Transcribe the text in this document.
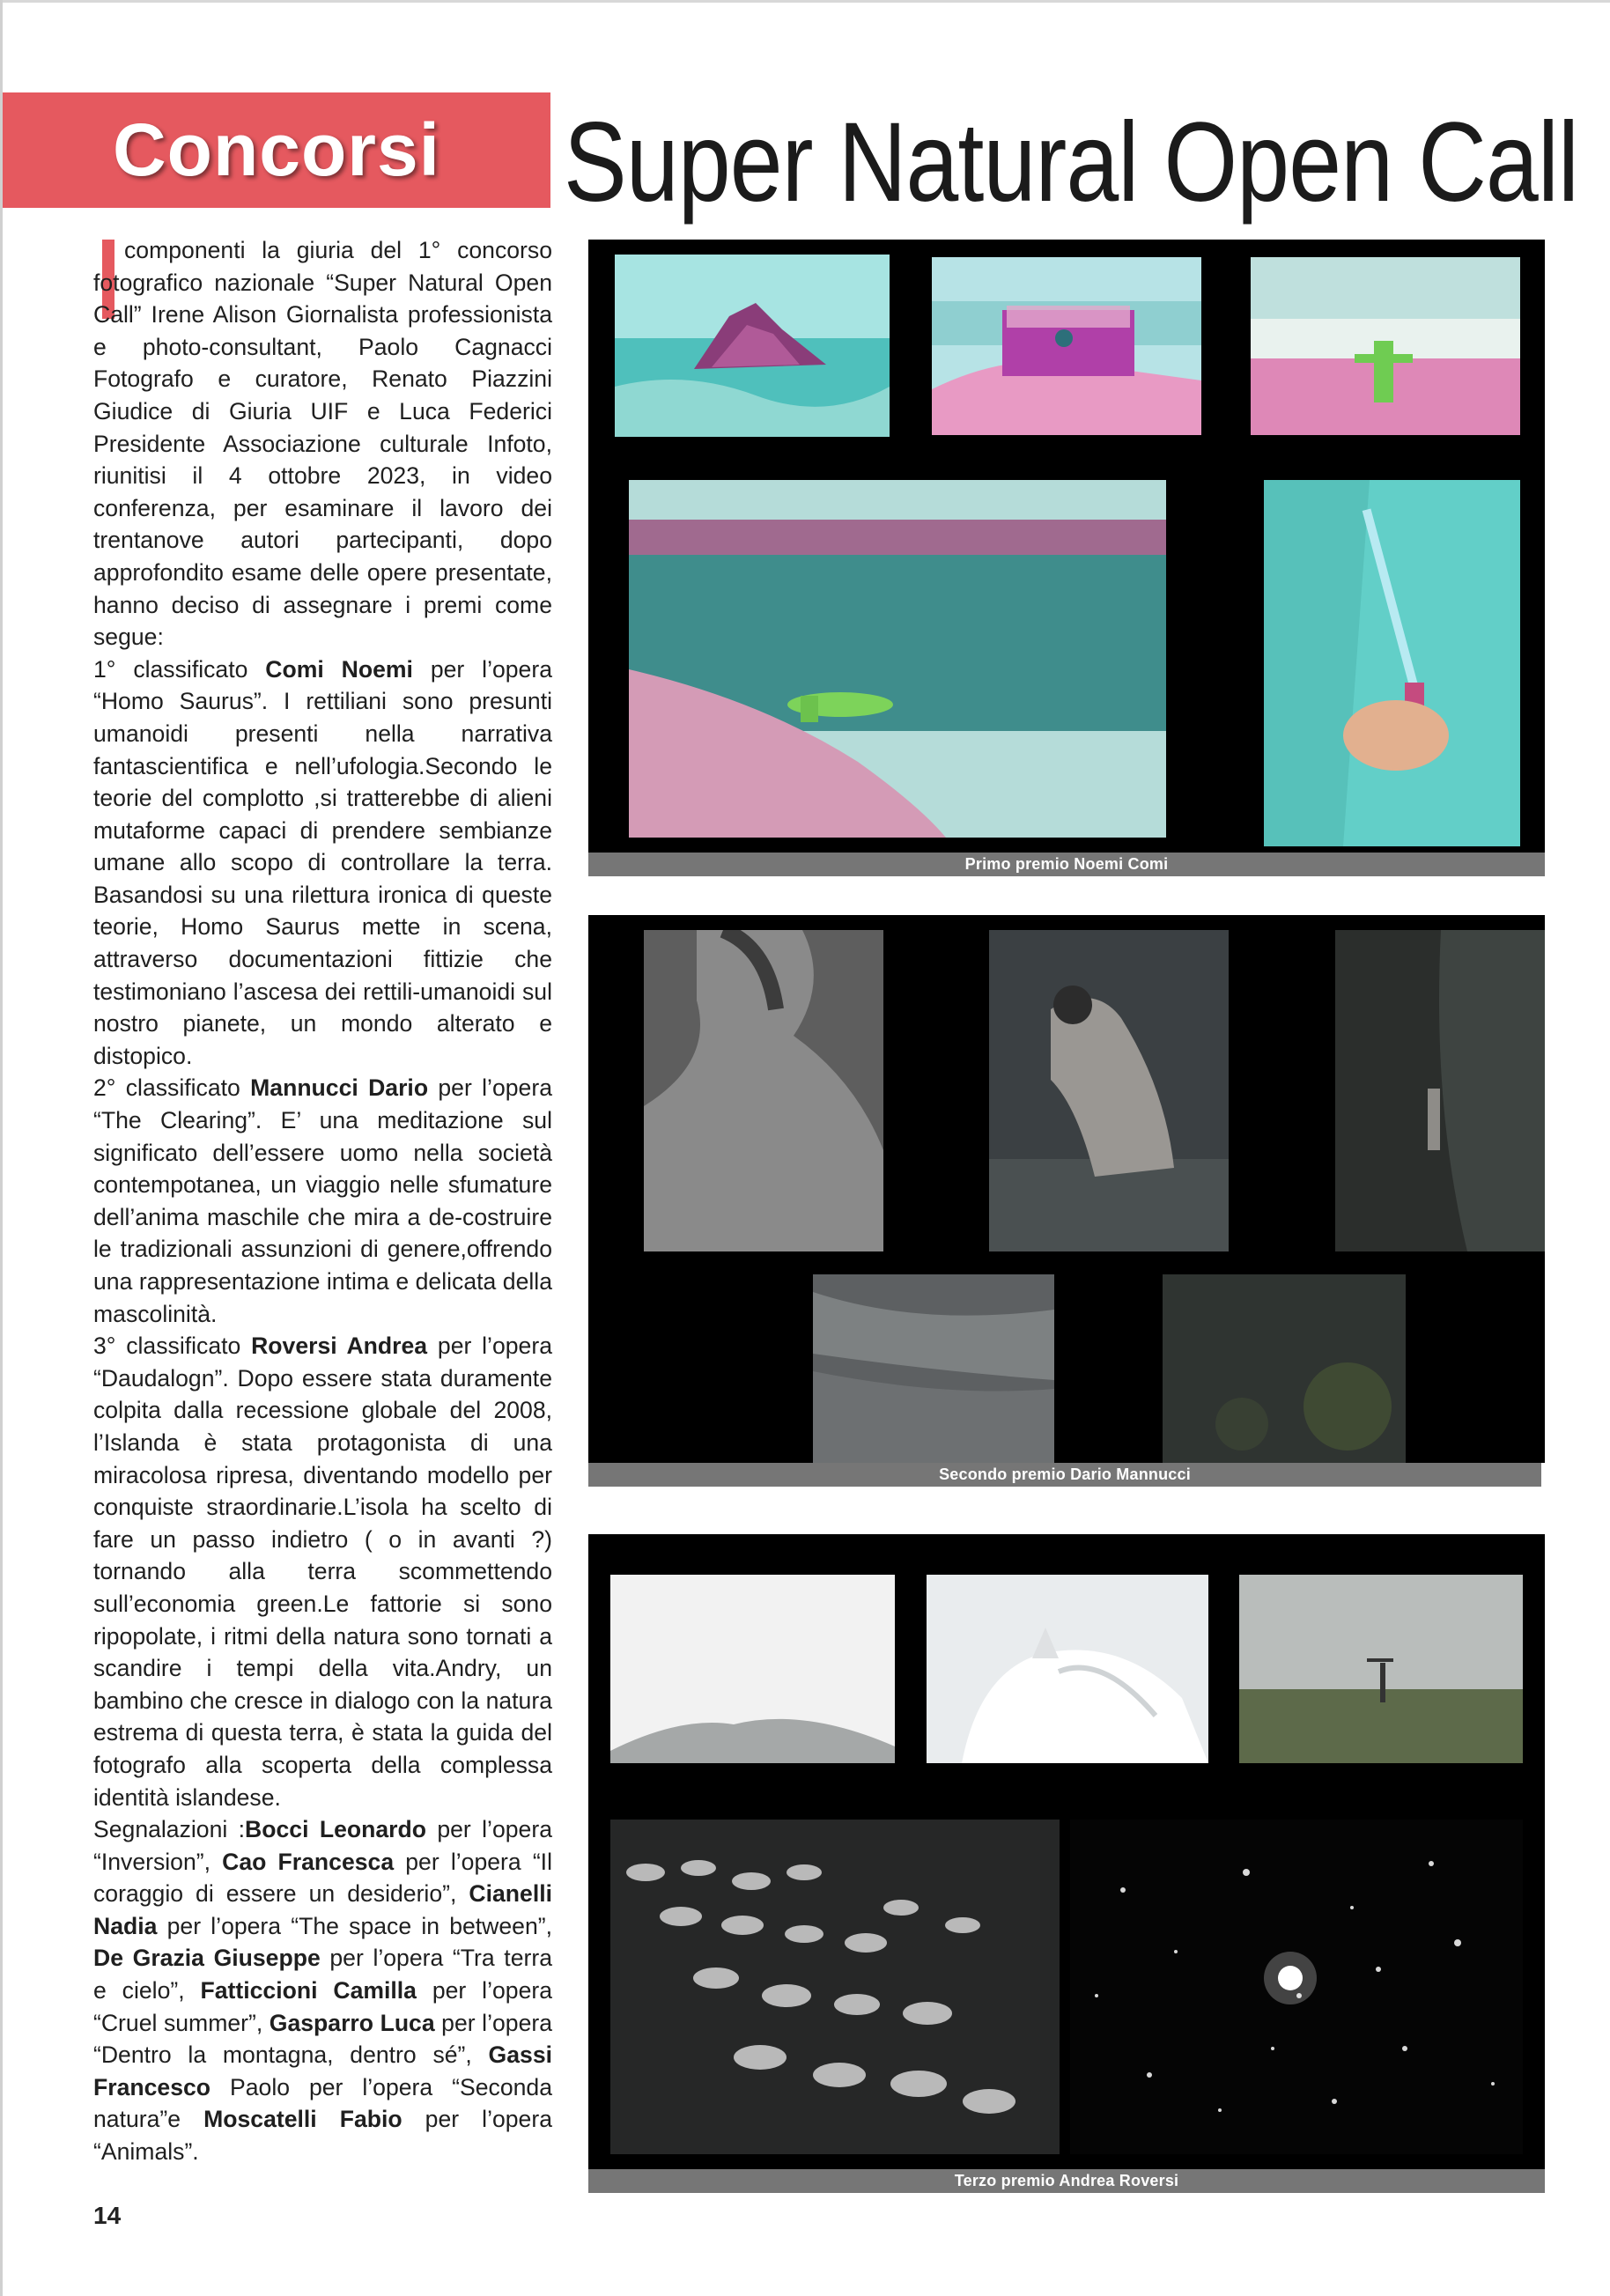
Concorsi Super Natural Open Call

componenti la giuria del 1° concorso fotografico nazionale “Super Natural Open Call” Irene Alison Giornalista professionista e photo-consultant, Paolo Cagnacci Fotografo e curatore, Renato Piazzini Giudice di Giuria UIF e Luca Federici Presidente Associazione culturale Infoto, riunitisi il 4 ottobre 2023, in video conferenza, per esaminare il lavoro dei trentanove autori partecipanti, dopo approfondito esame delle opere presentate, hanno deciso di assegnare i premi come segue:

1° classificato Comi Noemi per l’opera “Homo Saurus”. I rettiliani sono presunti umanoidi presenti nella narrativa fantascientifica e nell’ufologia.Secondo le teorie del complotto ,si tratterebbe di alieni mutaforme capaci di prendere sembianze umane allo scopo di controllare la terra. Basandosi su una rilettura ironica di queste teorie, Homo Saurus mette in scena, attraverso documentazioni fittizie che testimoniano l’ascesa dei rettili-umanoidi sul nostro pianete, un mondo alterato e distopico.

2° classificato Mannucci Dario per l’opera “The Clearing”. E’ una meditazione sul significato dell’essere uomo nella società contempotanea, un viaggio nelle sfumature dell’anima maschile che mira a de-costruire le tradizionali assunzioni di genere,offrendo una rappresentazione intima e delicata della mascolinità.

3° classificato Roversi Andrea per l’opera “Daudalogn”. Dopo essere stata duramente colpita dalla recessione globale del 2008, l’Islanda è stata protagonista di una miracolosa ripresa, diventando modello per conquiste straordinarie.L’isola ha scelto di fare un passo indietro ( o in avanti ?) tornando alla terra scommettendo sull’economia green.Le fattorie si sono ripopolate, i ritmi della natura sono tornati a scandire i tempi della vita.Andry, un bambino che cresce in dialogo con la natura estrema di questa terra, è stata la guida del fotografo alla scoperta della complessa identità islandese.

Segnalazioni :Bocci Leonardo per l’opera “Inversion”, Cao Francesca per l’opera “Il coraggio di essere un desiderio”, Cianelli Nadia per l’opera “The space in between”, De Grazia Giuseppe per l’opera “Tra terra e cielo”, Fatticcioni Camilla per l’opera “Cruel summer”, Gasparro Luca per l’opera “Dentro la montagna, dentro sé”, Gassi Francesco Paolo per l’opera “Seconda natura”e Moscatelli Fabio per l’opera “Animals”.

14
Primo premio Noemi Comi
Secondo premio Dario Mannucci
Terzo premio Andrea Roversi
